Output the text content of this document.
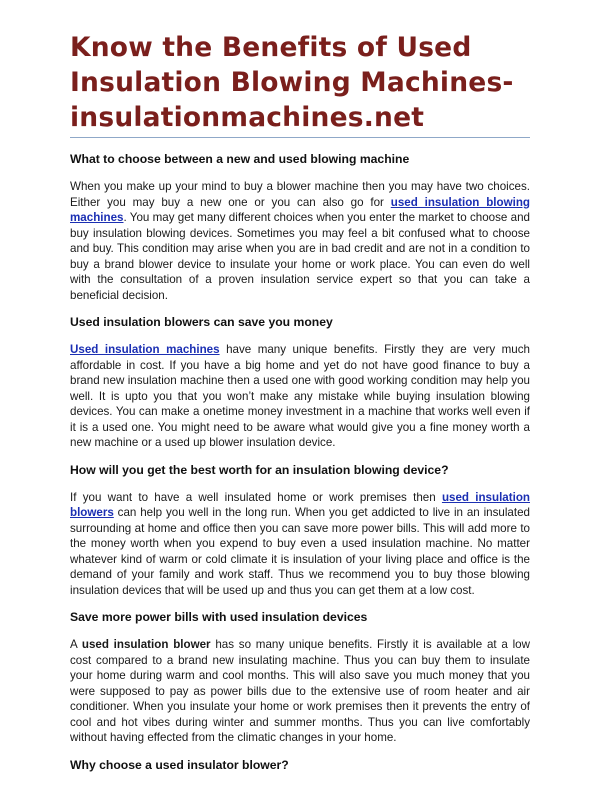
Know the Benefits of Used Insulation Blowing Machines- insulationmachines.net
What to choose between a new and used blowing machine

When you make up your mind to buy a blower machine then you may have two choices. Either you may buy a new one or you can also go for used insulation blowing machines. You may get many different choices when you enter the market to choose and buy insulation blowing devices. Sometimes you may feel a bit confused what to choose and buy. This condition may arise when you are in bad credit and are not in a condition to buy a brand blower device to insulate your home or work place. You can even do well with the consultation of a proven insulation service expert so that you can take a beneficial decision.

Used insulation blowers can save you money

Used insulation machines have many unique benefits. Firstly they are very much affordable in cost. If you have a big home and yet do not have good finance to buy a brand new insulation machine then a used one with good working condition may help you well. It is upto you that you won’t make any mistake while buying insulation blowing devices. You can make a onetime money investment in a machine that works well even if it is a used one. You might need to be aware what would give you a fine money worth a new machine or a used up blower insulation device.

How will you get the best worth for an insulation blowing device?

If you want to have a well insulated home or work premises then used insulation blowers can help you well in the long run. When you get addicted to live in an insulated surrounding at home and office then you can save more power bills. This will add more to the money worth when you expend to buy even a used insulation machine. No matter whatever kind of warm or cold climate it is insulation of your living place and office is the demand of your family and work staff. Thus we recommend you to buy those blowing insulation devices that will be used up and thus you can get them at a low cost.

Save more power bills with used insulation devices

A used insulation blower has so many unique benefits. Firstly it is available at a low cost compared to a brand new insulating machine. Thus you can buy them to insulate your home during warm and cool months. This will also save you much money that you were supposed to pay as power bills due to the extensive use of room heater and air conditioner. When you insulate your home or work premises then it prevents the entry of cool and hot vibes during winter and summer months. Thus you can live comfortably without having effected from the climatic changes in your home.

Why choose a used insulator blower?
